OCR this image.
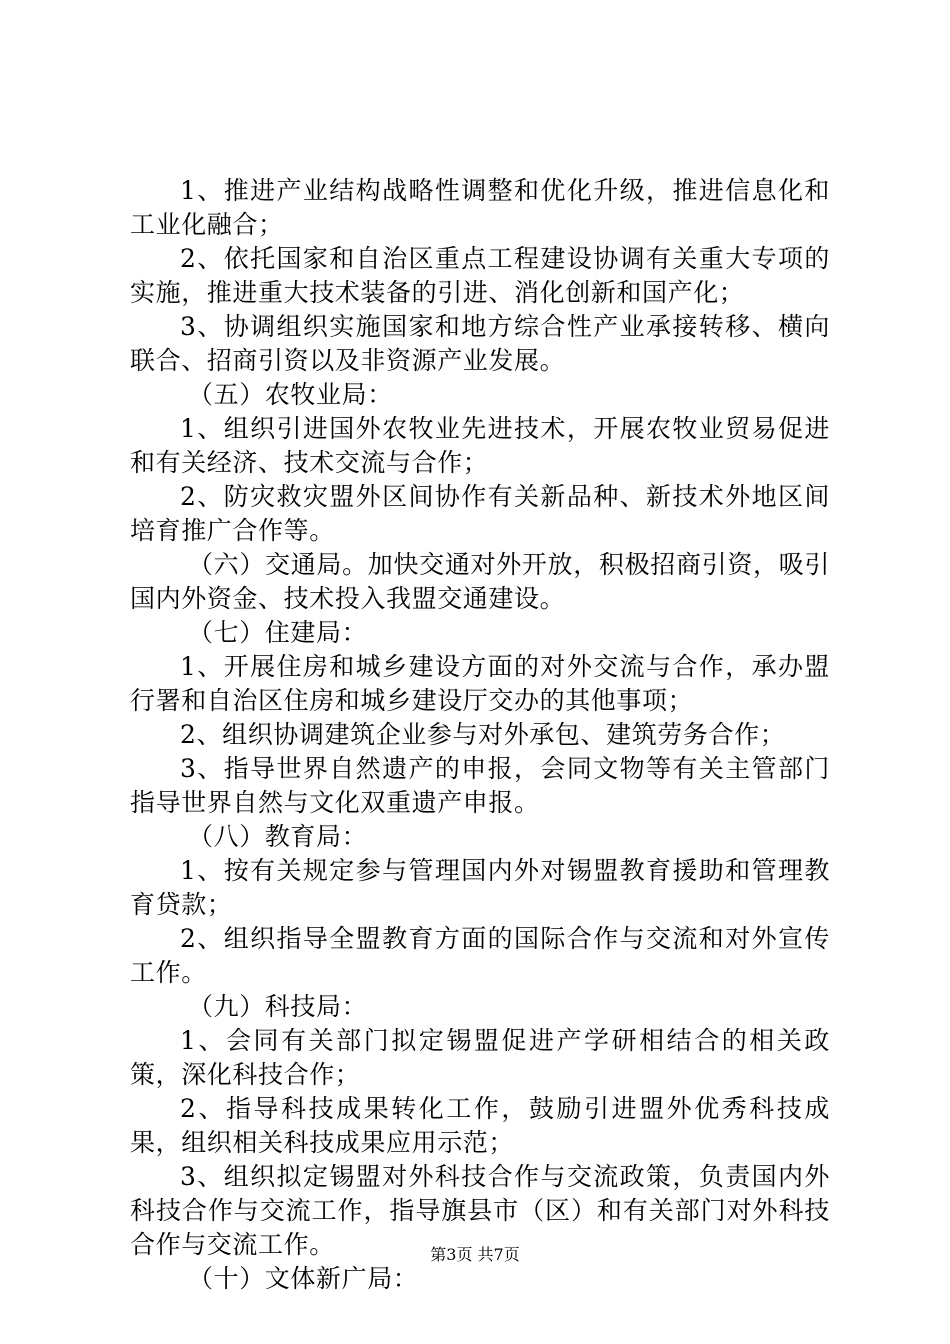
1、推进产业结构战略性调整和优化升级，推进信息化和工业化融合；

2、依托国家和自治区重点工程建设协调有关重大专项的实施，推进重大技术装备的引进、消化创新和国产化；

3、协调组织实施国家和地方综合性产业承接转移、横向联合、招商引资以及非资源产业发展。

（五）农牧业局：

1、组织引进国外农牧业先进技术，开展农牧业贸易促进和有关经济、技术交流与合作；

2、防灾救灾盟外区间协作有关新品种、新技术外地区间培育推广合作等。

（六）交通局。加快交通对外开放，积极招商引资，吸引国内外资金、技术投入我盟交通建设。

（七）住建局：

1、开展住房和城乡建设方面的对外交流与合作，承办盟行署和自治区住房和城乡建设厅交办的其他事项；

2、组织协调建筑企业参与对外承包、建筑劳务合作；

3、指导世界自然遗产的申报，会同文物等有关主管部门指导世界自然与文化双重遗产申报。

（八）教育局：

1、按有关规定参与管理国内外对锡盟教育援助和管理教育贷款；

2、组织指导全盟教育方面的国际合作与交流和对外宣传工作。

（九）科技局：

1、会同有关部门拟定锡盟促进产学研相结合的相关政策，深化科技合作；

2、指导科技成果转化工作，鼓励引进盟外优秀科技成果，组织相关科技成果应用示范；

3、组织拟定锡盟对外科技合作与交流政策，负责国内外科技合作与交流工作，指导旗县市（区）和有关部门对外科技合作与交流工作。

（十）文体新广局：

第3页 共7页
